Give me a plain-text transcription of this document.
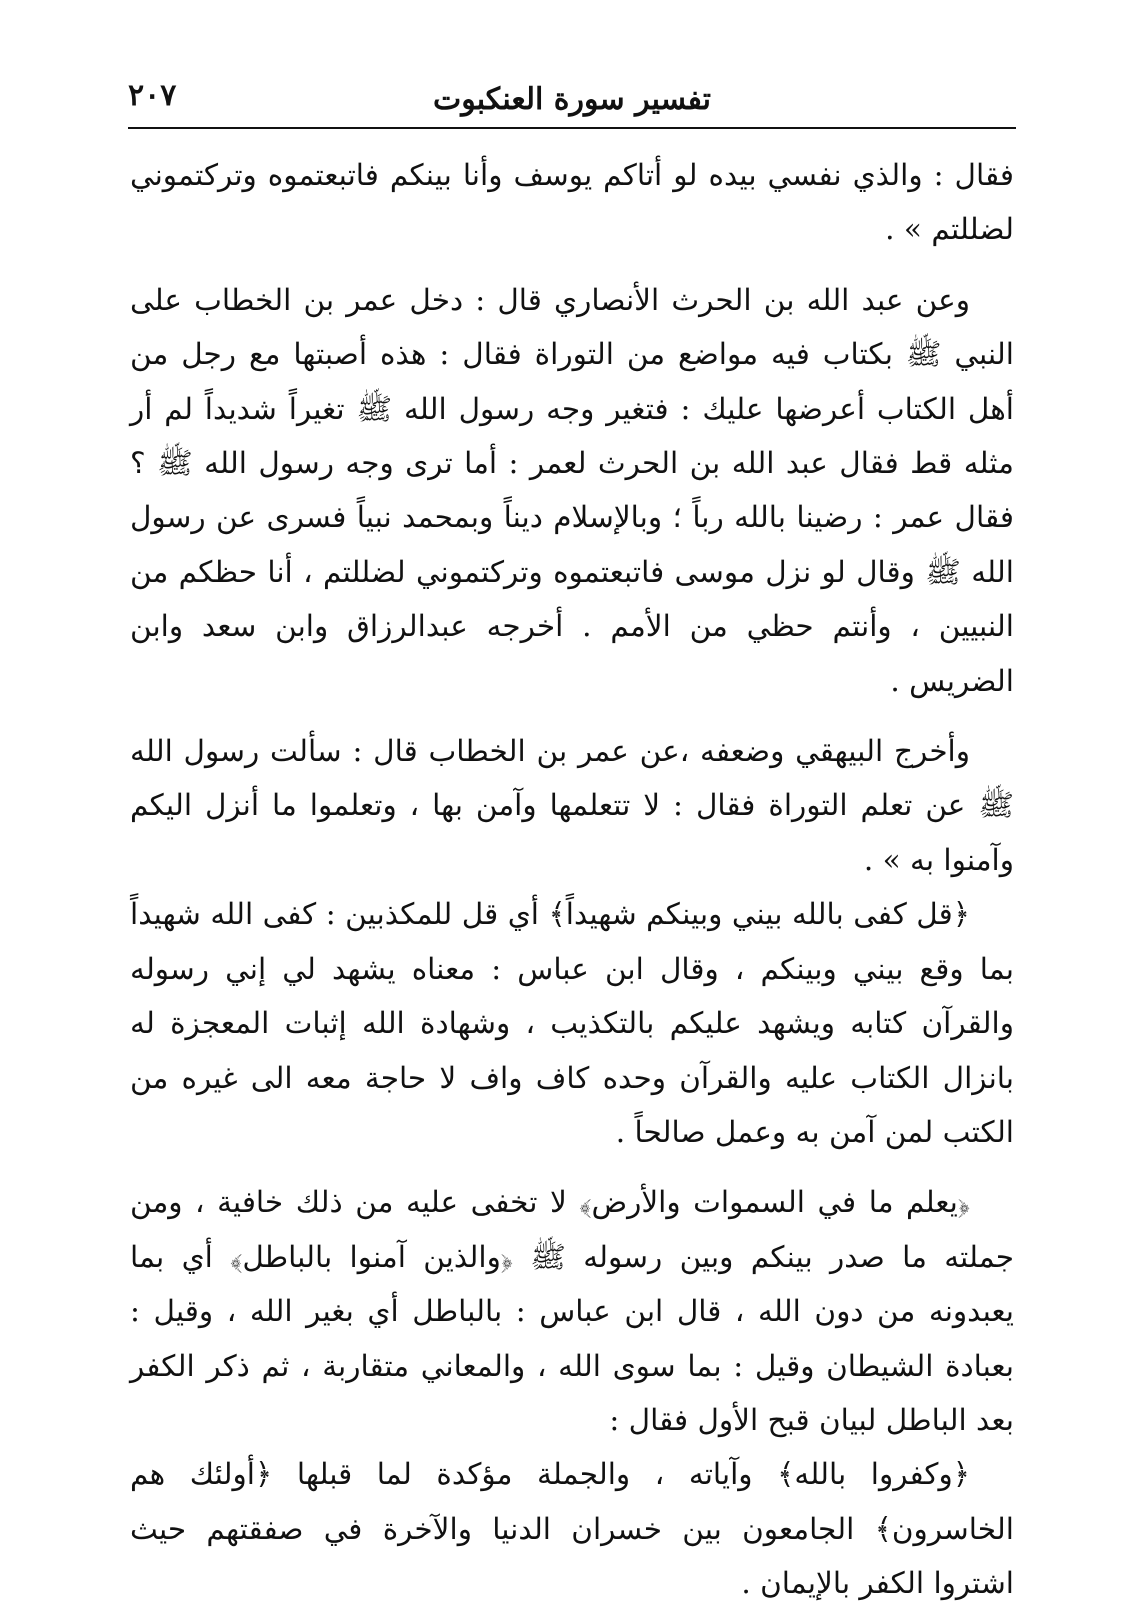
٢٠٧	تفسير سورة العنكبوت

فقال : والذي نفسي بيده لو أتاكم يوسف وأنا بينكم فاتبعتموه وتركتموني لضللتم » .

وعن عبد الله بن الحرث الأنصاري قال : دخل عمر بن الخطاب على النبي ﷺ بكتاب فيه مواضع من التوراة فقال : هذه أصبتها مع رجل من أهل الكتاب أعرضها عليك : فتغير وجه رسول الله ﷺ تغيراً شديداً لم أر مثله قط فقال عبد الله بن الحرث لعمر : أما ترى وجه رسول الله ﷺ ؟ فقال عمر : رضينا بالله رباً ؛ وبالإسلام ديناً وبمحمد نبياً فسرى عن رسول الله ﷺ وقال لو نزل موسى فاتبعتموه وتركتموني لضللتم ، أنا حظكم من النبيين ، وأنتم حظي من الأمم . أخرجه عبدالرزاق وابن سعد وابن الضريس .

وأخرج البيهقي وضعفه ،عن عمر بن الخطاب قال : سألت رسول الله ﷺ عن تعلم التوراة فقال : لا تتعلمها وآمن بها ، وتعلموا ما أنزل اليكم وآمنوا به » .

﴿قل كفى بالله بيني وبينكم شهيداً﴾ أي قل للمكذبين : كفى الله شهيداً بما وقع بيني وبينكم ، وقال ابن عباس : معناه يشهد لي إني رسوله والقرآن كتابه ويشهد عليكم بالتكذيب ، وشهادة الله إثبات المعجزة له بانزال الكتاب عليه والقرآن وحده كاف واف لا حاجة معه الى غيره من الكتب لمن آمن به وعمل صالحاً .

﴿يعلم ما في السموات والأرض﴾ لا تخفى عليه من ذلك خافية ، ومن جملته ما صدر بينكم وبين رسوله ﷺ ﴿والذين آمنوا بالباطل﴾ أي بما يعبدونه من دون الله ، قال ابن عباس : بالباطل أي بغير الله ، وقيل : بعبادة الشيطان وقيل : بما سوى الله ، والمعاني متقاربة ، ثم ذكر الكفر بعد الباطل لبيان قبح الأول فقال :

﴿وكفروا بالله﴾ وآياته ، والجملة مؤكدة لما قبلها ﴿أولئك هم الخاسرون﴾ الجامعون بين خسران الدنيا والآخرة في صفقتهم حيث اشتروا الكفر بالإيمان .
